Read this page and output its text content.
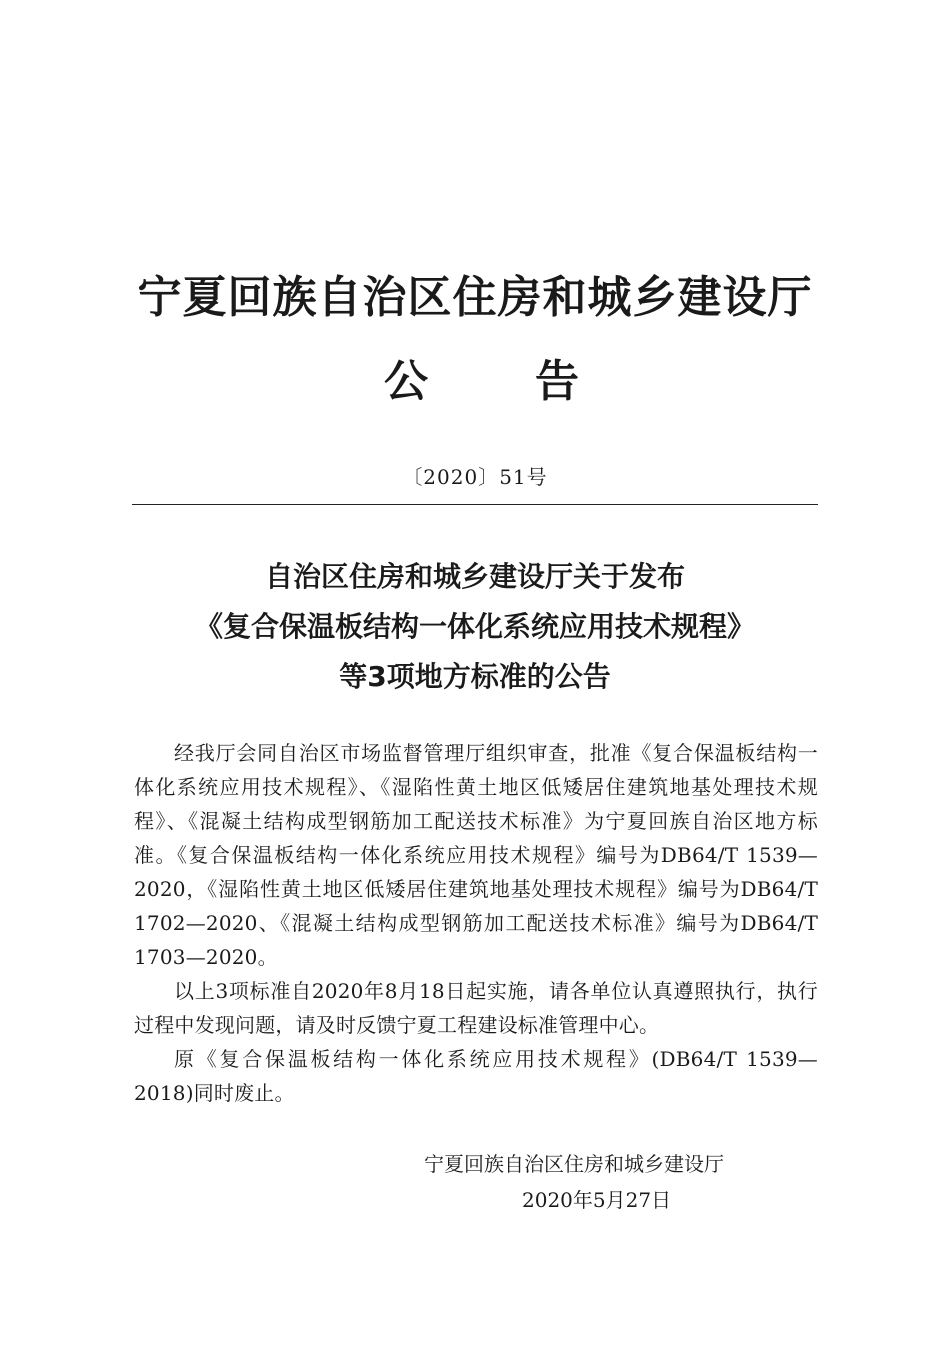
宁夏回族自治区住房和城乡建设厅
公 告
〔2020〕51号
自治区住房和城乡建设厅关于发布
《复合保温板结构一体化系统应用技术规程》
等3项地方标准的公告

经我厅会同自治区市场监督管理厅组织审查，批准《复合保温板结构一体化系统应用技术规程》、《湿陷性黄土地区低矮居住建筑地基处理技术规程》、《混凝土结构成型钢筋加工配送技术标准》为宁夏回族自治区地方标准。《复合保温板结构一体化系统应用技术规程》编号为DB64/T 1539—2020，《湿陷性黄土地区低矮居住建筑地基处理技术规程》编号为DB64/T 1702—2020、《混凝土结构成型钢筋加工配送技术标准》编号为DB64/T 1703—2020。

以上3项标准自2020年8月18日起实施，请各单位认真遵照执行，执行过程中发现问题，请及时反馈宁夏工程建设标准管理中心。

原《复合保温板结构一体化系统应用技术规程》(DB64/T 1539—2018)同时废止。

宁夏回族自治区住房和城乡建设厅
2020年5月27日
